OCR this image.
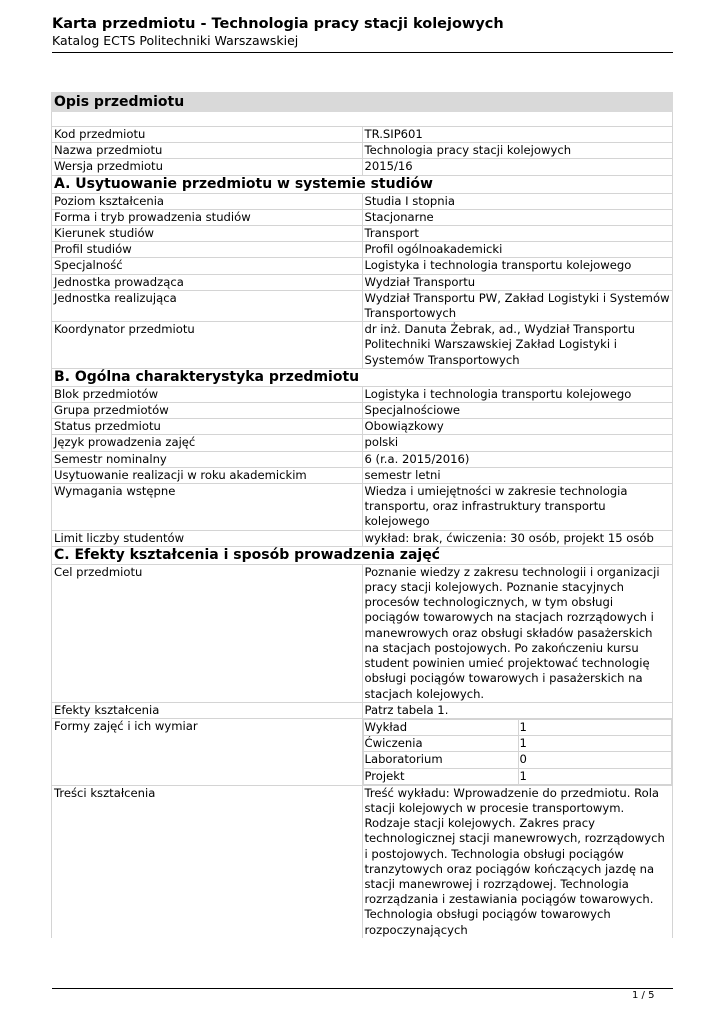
Karta przedmiotu - Technologia pracy stacji kolejowych
Katalog ECTS Politechniki Warszawskiej
Opis przedmiotu

Kod przedmiotu	TR.SIP601
Nazwa przedmiotu	Technologia pracy stacji kolejowych
Wersja przedmiotu	2015/16
A. Usytuowanie przedmiotu w systemie studiów
Poziom kształcenia	Studia I stopnia
Forma i tryb prowadzenia studiów	Stacjonarne
Kierunek studiów	Transport
Profil studiów	Profil ogólnoakademicki
Specjalność	Logistyka i technologia transportu kolejowego
Jednostka prowadząca	Wydział Transportu
Jednostka realizująca	Wydział Transportu PW, Zakład Logistyki i Systemów Transportowych
Koordynator przedmiotu	dr inż. Danuta Żebrak, ad., Wydział Transportu Politechniki Warszawskiej Zakład Logistyki i Systemów Transportowych
B. Ogólna charakterystyka przedmiotu
Blok przedmiotów	Logistyka i technologia transportu kolejowego
Grupa przedmiotów	Specjalnościowe
Status przedmiotu	Obowiązkowy
Język prowadzenia zajęć	polski
Semestr nominalny	6 (r.a. 2015/2016)
Usytuowanie realizacji w roku akademickim	semestr letni
Wymagania wstępne	Wiedza i umiejętności w zakresie technologia transportu, oraz infrastruktury transportu kolejowego
Limit liczby studentów	wykład: brak, ćwiczenia: 30 osób, projekt 15 osób
C. Efekty kształcenia i sposób prowadzenia zajęć
Cel przedmiotu	Poznanie wiedzy z zakresu technologii i organizacji pracy stacji kolejowych. Poznanie stacyjnych procesów technologicznych, w tym obsługi pociągów towarowych na stacjach rozrządowych i manewrowych oraz obsługi składów pasażerskich na stacjach postojowych. Po zakończeniu kursu student powinien umieć projektować technologię obsługi pociągów towarowych i pasażerskich na stacjach kolejowych.
Efekty kształcenia	Patrz tabela 1.
Formy zajęć i ich wymiar		Wykład	1
Ćwiczenia	1
Laboratorium	0
Projekt	1

Treści kształcenia	Treść wykładu: Wprowadzenie do przedmiotu. Rola stacji kolejowych w procesie transportowym. Rodzaje stacji kolejowych. Zakres pracy technologicznej stacji manewrowych, rozrządowych i postojowych. Technologia obsługi pociągów tranzytowych oraz pociągów kończących jazdę na stacji manewrowej i rozrządowej. Technologia rozrządzania i zestawiania pociągów towarowych. Technologia obsługi pociągów towarowych rozpoczynających
1 / 5
